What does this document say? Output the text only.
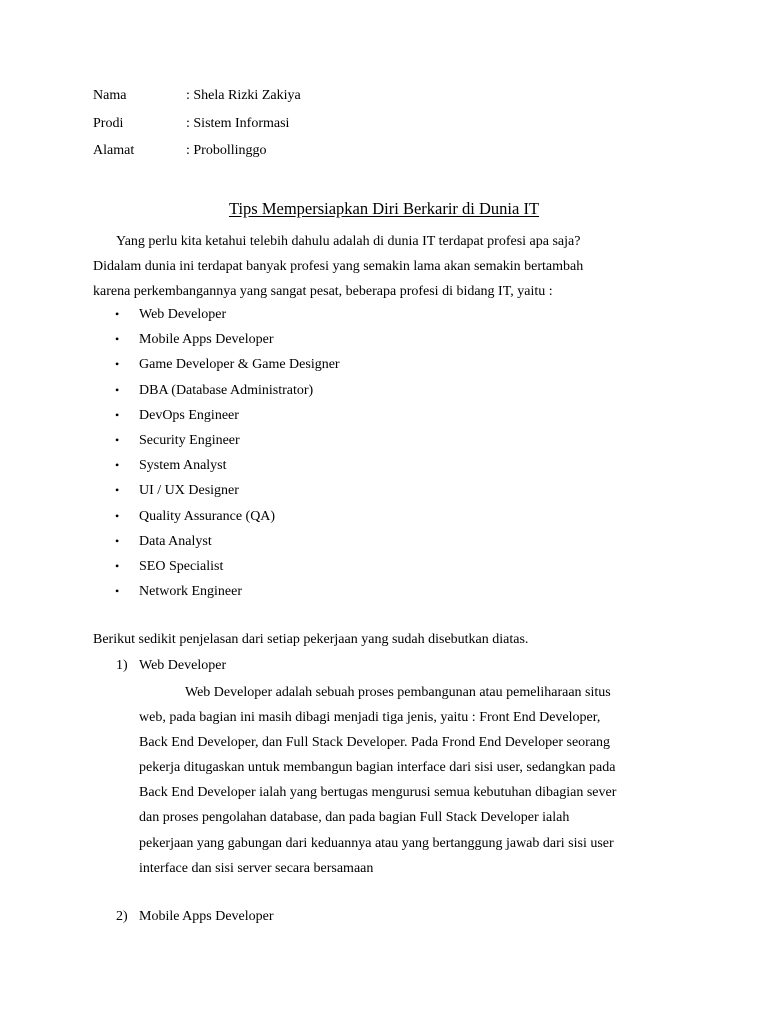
Nama	: Shela Rizki Zakiya
Prodi	: Sistem Informasi
Alamat	: Probollinggo
Tips Mempersiapkan Diri Berkarir di Dunia IT
Yang perlu kita ketahui telebih dahulu adalah di dunia IT terdapat profesi apa saja?
Didalam dunia ini terdapat banyak profesi yang semakin lama akan semakin bertambah
karena perkembangannya yang sangat pesat, beberapa profesi di bidang IT, yaitu :
• Web Developer
• Mobile Apps Developer
• Game Developer & Game Designer
• DBA (Database Administrator)
• DevOps Engineer
• Security Engineer
• System Analyst
• UI / UX Designer
• Quality Assurance (QA)
• Data Analyst
• SEO Specialist
• Network Engineer
Berikut sedikit penjelasan dari setiap pekerjaan yang sudah disebutkan diatas.
1) Web Developer
Web Developer adalah sebuah proses pembangunan atau pemeliharaan situs
web, pada bagian ini masih dibagi menjadi tiga jenis, yaitu : Front End Developer,
Back End Developer, dan Full Stack Developer. Pada Frond End Developer seorang
pekerja ditugaskan untuk membangun bagian interface dari sisi user, sedangkan pada
Back End Developer ialah yang bertugas mengurusi semua kebutuhan dibagian sever
dan proses pengolahan database, dan pada bagian Full Stack Developer ialah
pekerjaan yang gabungan dari keduannya atau yang bertanggung jawab dari sisi user
interface dan sisi server secara bersamaan
2) Mobile Apps Developer
